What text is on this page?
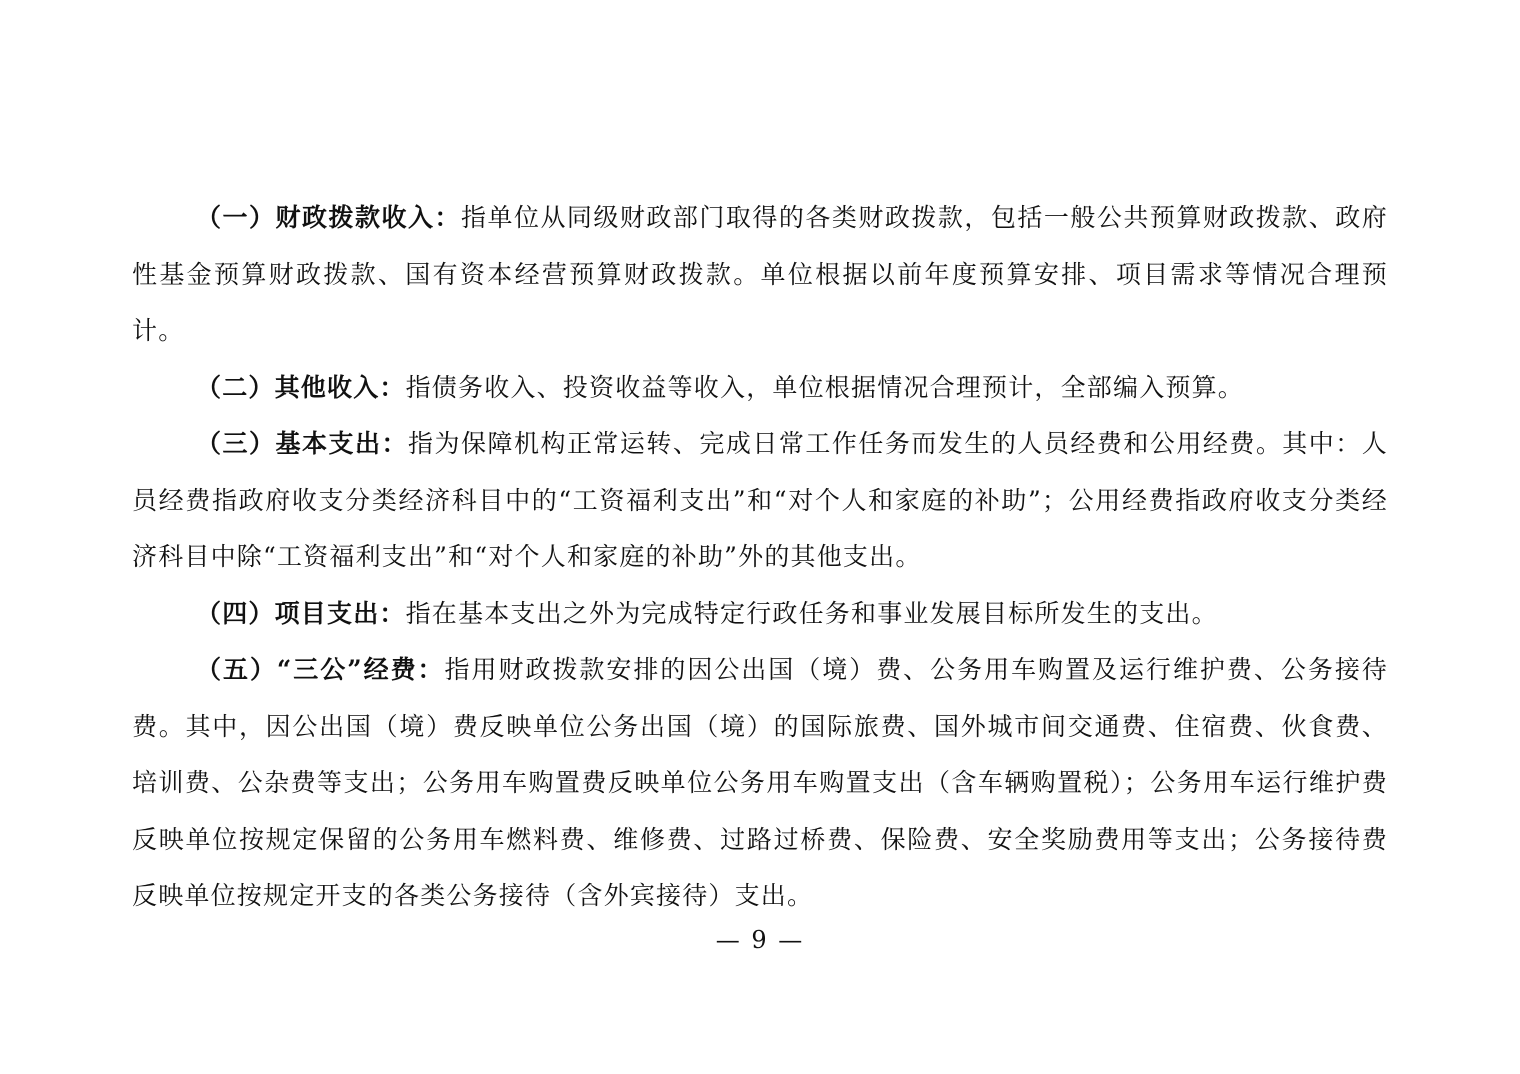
（一）财政拨款收入：指单位从同级财政部门取得的各类财政拨款，包括一般公共预算财政拨款、政府性基金预算财政拨款、国有资本经营预算财政拨款。单位根据以前年度预算安排、项目需求等情况合理预计。

（二）其他收入：指债务收入、投资收益等收入，单位根据情况合理预计，全部编入预算。

（三）基本支出：指为保障机构正常运转、完成日常工作任务而发生的人员经费和公用经费。其中：人员经费指政府收支分类经济科目中的“工资福利支出”和“对个人和家庭的补助”；公用经费指政府收支分类经济科目中除“工资福利支出”和“对个人和家庭的补助”外的其他支出。

（四）项目支出：指在基本支出之外为完成特定行政任务和事业发展目标所发生的支出。

（五）“三公”经费：指用财政拨款安排的因公出国（境）费、公务用车购置及运行维护费、公务接待费。其中，因公出国（境）费反映单位公务出国（境）的国际旅费、国外城市间交通费、住宿费、伙食费、培训费、公杂费等支出；公务用车购置费反映单位公务用车购置支出（含车辆购置税）；公务用车运行维护费反映单位按规定保留的公务用车燃料费、维修费、过路过桥费、保险费、安全奖励费用等支出；公务接待费反映单位按规定开支的各类公务接待（含外宾接待）支出。

— 9 —
